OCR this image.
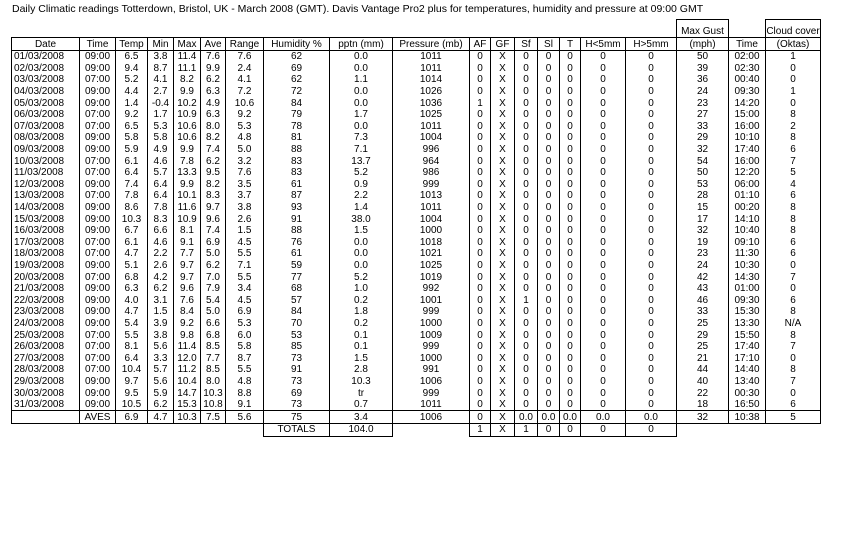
Daily Climatic readings Totterdown, Bristol, UK - March 2008 (GMT). Davis Vantage Pro2 plus for temperatures, humidity and pressure at 09:00 GMT
																	Max Gust		Cloud cover
Date	Time	Temp	Min	Max	Ave	Range	Humidity %	pptn (mm)	Pressure (mb)	AF	GF	Sf	Sl	T	H<5mm	H>5mm	(mph)	Time	(Oktas)
01/03/2008	09:00	6.5	3.8	11.4	7.6	7.6	62	0.0	1011	0	X	0	0	0	0	0	50	02:00	1
02/03/2008	09:00	9.4	8.7	11.1	9.9	2.4	69	0.0	1011	0	X	0	0	0	0	0	39	02:30	0
03/03/2008	07:00	5.2	4.1	8.2	6.2	4.1	62	1.1	1014	0	X	0	0	0	0	0	36	00:40	0
04/03/2008	09:00	4.4	2.7	9.9	6.3	7.2	72	0.0	1026	0	X	0	0	0	0	0	24	09:30	1
05/03/2008	09:00	1.4	-0.4	10.2	4.9	10.6	84	0.0	1036	1	X	0	0	0	0	0	23	14:20	0
06/03/2008	07:00	9.2	1.7	10.9	6.3	9.2	79	1.7	1025	0	X	0	0	0	0	0	27	15:00	8
07/03/2008	07:00	6.5	5.3	10.6	8.0	5.3	78	0.0	1011	0	X	0	0	0	0	0	33	16:00	2
08/03/2008	09:00	5.8	5.8	10.6	8.2	4.8	81	7.3	1004	0	X	0	0	0	0	0	29	10:10	8
09/03/2008	09:00	5.9	4.9	9.9	7.4	5.0	88	7.1	996	0	X	0	0	0	0	0	32	17:40	6
10/03/2008	07:00	6.1	4.6	7.8	6.2	3.2	83	13.7	964	0	X	0	0	0	0	0	54	16:00	7
11/03/2008	07:00	6.4	5.7	13.3	9.5	7.6	83	5.2	986	0	X	0	0	0	0	0	50	12:20	5
12/03/2008	09:00	7.4	6.4	9.9	8.2	3.5	61	0.9	999	0	X	0	0	0	0	0	53	06:00	4
13/03/2008	07:00	7.8	6.4	10.1	8.3	3.7	87	2.2	1013	0	X	0	0	0	0	0	28	01:10	6
14/03/2008	09:00	8.6	7.8	11.6	9.7	3.8	93	1.4	1011	0	X	0	0	0	0	0	15	00:20	8
15/03/2008	09:00	10.3	8.3	10.9	9.6	2.6	91	38.0	1004	0	X	0	0	0	0	0	17	14:10	8
16/03/2008	09:00	6.7	6.6	8.1	7.4	1.5	88	1.5	1000	0	X	0	0	0	0	0	32	10:40	8
17/03/2008	07:00	6.1	4.6	9.1	6.9	4.5	76	0.0	1018	0	X	0	0	0	0	0	19	09:10	6
18/03/2008	07:00	4.7	2.2	7.7	5.0	5.5	61	0.0	1021	0	X	0	0	0	0	0	23	11:30	6
19/03/2008	09:00	5.1	2.6	9.7	6.2	7.1	59	0.0	1025	0	X	0	0	0	0	0	24	10:30	0
20/03/2008	07:00	6.8	4.2	9.7	7.0	5.5	77	5.2	1019	0	X	0	0	0	0	0	42	14:30	7
21/03/2008	09:00	6.3	6.2	9.6	7.9	3.4	68	1.0	992	0	X	0	0	0	0	0	43	01:00	0
22/03/2008	09:00	4.0	3.1	7.6	5.4	4.5	57	0.2	1001	0	X	1	0	0	0	0	46	09:30	6
23/03/2008	09:00	4.7	1.5	8.4	5.0	6.9	84	1.8	999	0	X	0	0	0	0	0	33	15:30	8
24/03/2008	09:00	5.4	3.9	9.2	6.6	5.3	70	0.2	1000	0	X	0	0	0	0	0	25	13:30	N/A
25/03/2008	07:00	5.5	3.8	9.8	6.8	6.0	53	0.1	1009	0	X	0	0	0	0	0	29	15:50	8
26/03/2008	07:00	8.1	5.6	11.4	8.5	5.8	85	0.1	999	0	X	0	0	0	0	0	25	17:40	7
27/03/2008	07:00	6.4	3.3	12.0	7.7	8.7	73	1.5	1000	0	X	0	0	0	0	0	21	17:10	0
28/03/2008	07:00	10.4	5.7	11.2	8.5	5.5	91	2.8	991	0	X	0	0	0	0	0	44	14:40	8
29/03/2008	09:00	9.7	5.6	10.4	8.0	4.8	73	10.3	1006	0	X	0	0	0	0	0	40	13:40	7
30/03/2008	09:00	9.5	5.9	14.7	10.3	8.8	69	tr	999	0	X	0	0	0	0	0	22	00:30	0
31/03/2008	09:00	10.5	6.2	15.3	10.8	9.1	73	0.7	1011	0	X	0	0	0	0	0	18	16:50	6
	AVES	6.9	4.7	10.3	7.5	5.6	75	3.4	1006	0	X	0.0	0.0	0.0	0.0	0.0	32	10:38	5
							TOTALS	104.0		1	X	1	0	0	0	0			
